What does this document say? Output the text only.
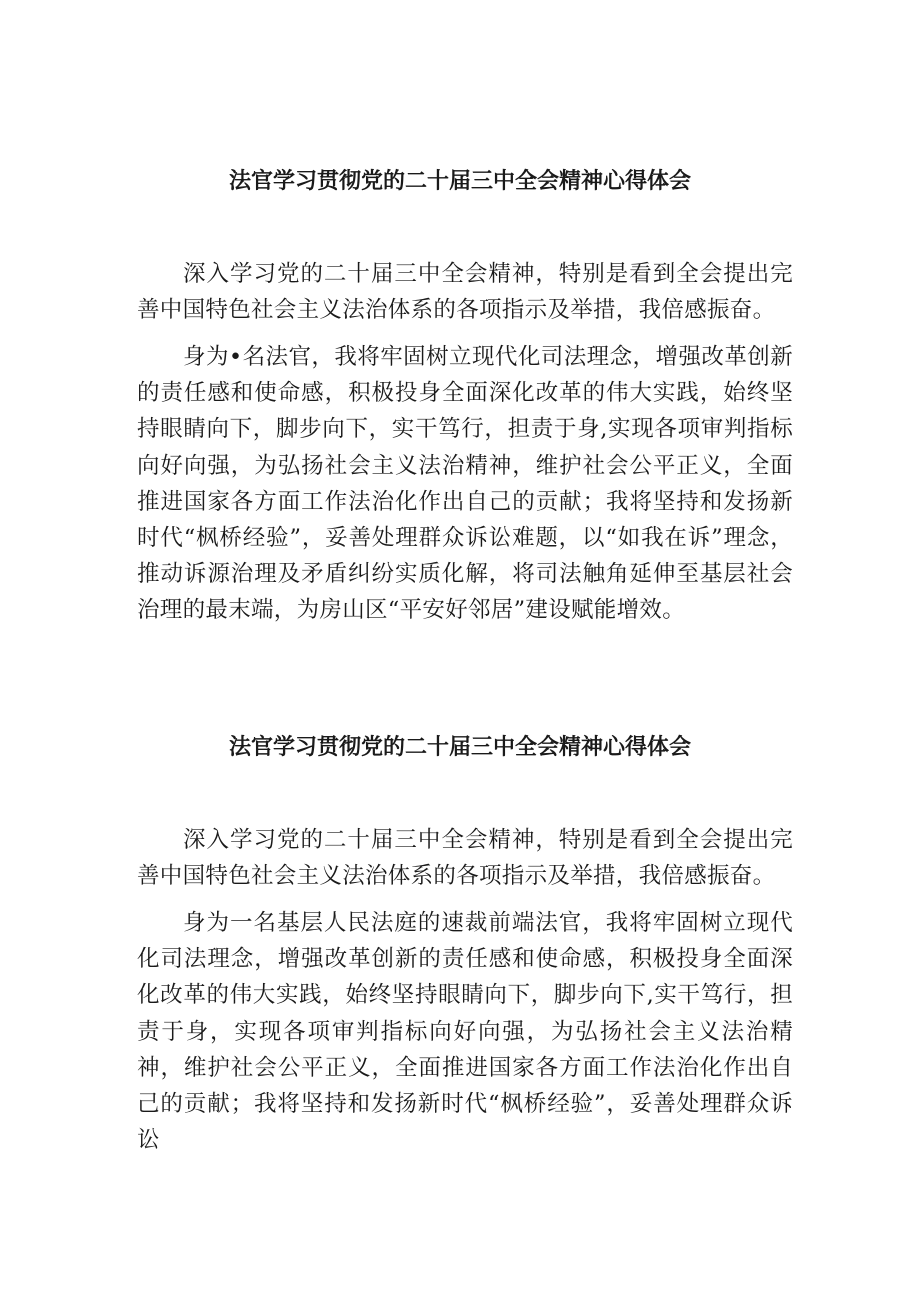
法官学习贯彻党的二十届三中全会精神心得体会

深入学习党的二十届三中全会精神，特别是看到全会提出完善中国特色社会主义法治体系的各项指示及举措，我倍感振奋。

身为•名法官，我将牢固树立现代化司法理念，增强改革创新的责任感和使命感，积极投身全面深化改革的伟大实践，始终坚持眼睛向下，脚步向下，实干笃行，担责于身,实现各项审判指标向好向强，为弘扬社会主义法治精神，维护社会公平正义，全面推进国家各方面工作法治化作出自己的贡献；我将坚持和发扬新时代“枫桥经验”，妥善处理群众诉讼难题，以“如我在诉”理念，推动诉源治理及矛盾纠纷实质化解，将司法触角延伸至基层社会治理的最末端，为房山区“平安好邻居”建设赋能增效。

法官学习贯彻党的二十届三中全会精神心得体会

深入学习党的二十届三中全会精神，特别是看到全会提出完善中国特色社会主义法治体系的各项指示及举措，我倍感振奋。

身为一名基层人民法庭的速裁前端法官，我将牢固树立现代化司法理念，增强改革创新的责任感和使命感，积极投身全面深化改革的伟大实践，始终坚持眼睛向下，脚步向下,实干笃行，担责于身，实现各项审判指标向好向强，为弘扬社会主义法治精神，维护社会公平正义，全面推进国家各方面工作法治化作出自己的贡献；我将坚持和发扬新时代“枫桥经验”，妥善处理群众诉讼
